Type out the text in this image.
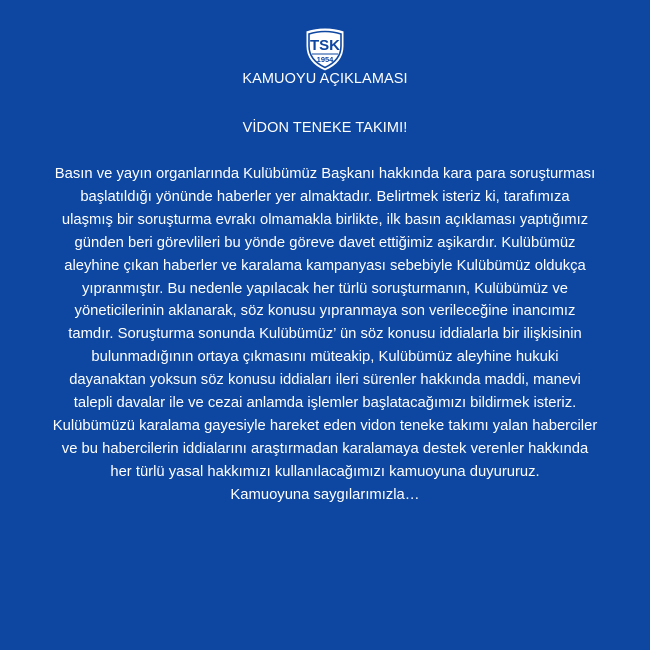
TSK
1954
KAMUOYU AÇIKLAMASI
VİDON TENEKE TAKIMI!
Basın ve yayın organlarında Kulübümüz Başkanı hakkında kara para soruşturması
başlatıldığı yönünde haberler yer almaktadır. Belirtmek isteriz ki, tarafımıza
ulaşmış bir soruşturma evrakı olmamakla birlikte, ilk basın açıklaması yaptığımız
günden beri görevlileri bu yönde göreve davet ettiğimiz aşikardır. Kulübümüz
aleyhine çıkan haberler ve karalama kampanyası sebebiyle Kulübümüz oldukça
yıpranmıştır. Bu nedenle yapılacak her türlü soruşturmanın, Kulübümüz ve
yöneticilerinin aklanarak, söz konusu yıpranmaya son verileceğine inancımız
tamdır. Soruşturma sonunda Kulübümüz’ ün söz konusu iddialarla bir ilişkisinin
bulunmadığının ortaya çıkmasını müteakip, Kulübümüz aleyhine hukuki
dayanaktan yoksun söz konusu iddiaları ileri sürenler hakkında maddi, manevi
talepli davalar ile ve cezai anlamda işlemler başlatacağımızı bildirmek isteriz.
Kulübümüzü karalama gayesiyle hareket eden vidon teneke takımı yalan haberciler
ve bu habercilerin iddialarını araştırmadan karalamaya destek verenler hakkında
her türlü yasal hakkımızı kullanılacağımızı kamuoyuna duyururuz.
Kamuoyuna saygılarımızla…
